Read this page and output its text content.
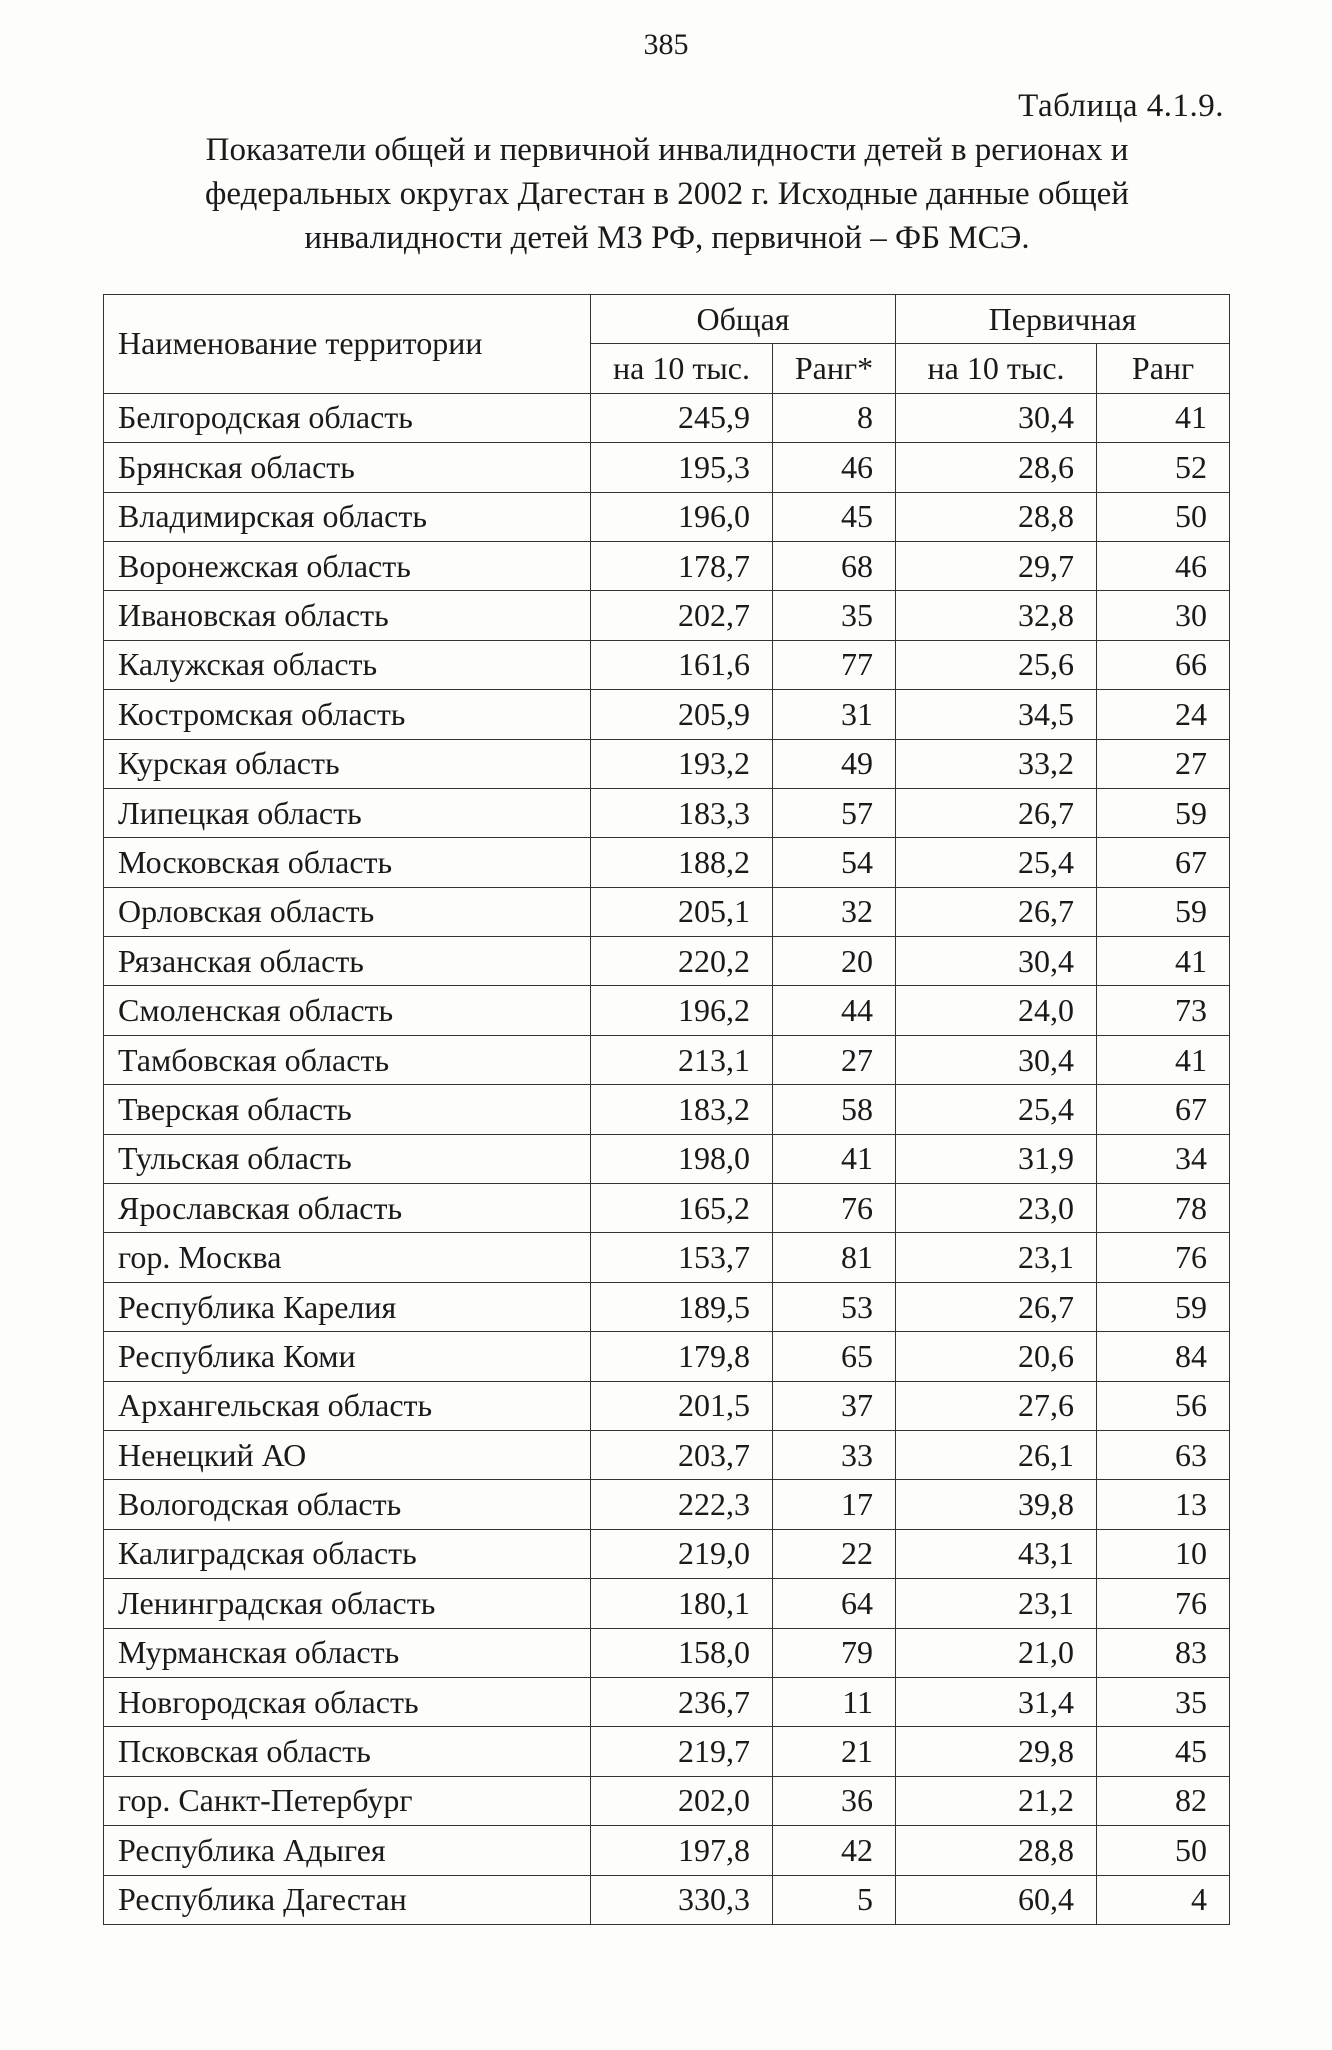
385
Таблица 4.1.9.
Показатели общей и первичной инвалидности детей в регионах и федеральных округах Дагестан в 2002 г. Исходные данные общей инвалидности детей МЗ РФ, первичной – ФБ МСЭ.
Наименование территории	Общая		Первичная	
	на 10 тыс.	Ранг*	на 10 тыс.	Ранг
Белгородская область	245,9	8	30,4	41
Брянская область	195,3	46	28,6	52
Владимирская область	196,0	45	28,8	50
Воронежская область	178,7	68	29,7	46
Ивановская область	202,7	35	32,8	30
Калужская область	161,6	77	25,6	66
Костромская область	205,9	31	34,5	24
Курская область	193,2	49	33,2	27
Липецкая область	183,3	57	26,7	59
Московская область	188,2	54	25,4	67
Орловская область	205,1	32	26,7	59
Рязанская область	220,2	20	30,4	41
Смоленская область	196,2	44	24,0	73
Тамбовская область	213,1	27	30,4	41
Тверская область	183,2	58	25,4	67
Тульская область	198,0	41	31,9	34
Ярославская область	165,2	76	23,0	78
гор. Москва	153,7	81	23,1	76
Республика Карелия	189,5	53	26,7	59
Республика Коми	179,8	65	20,6	84
Архангельская область	201,5	37	27,6	56
Ненецкий АО	203,7	33	26,1	63
Вологодская область	222,3	17	39,8	13
Калиградская область	219,0	22	43,1	10
Ленинградская область	180,1	64	23,1	76
Мурманская область	158,0	79	21,0	83
Новгородская область	236,7	11	31,4	35
Псковская область	219,7	21	29,8	45
гор. Санкт-Петербург	202,0	36	21,2	82
Республика Адыгея	197,8	42	28,8	50
Республика Дагестан	330,3	5	60,4	4
